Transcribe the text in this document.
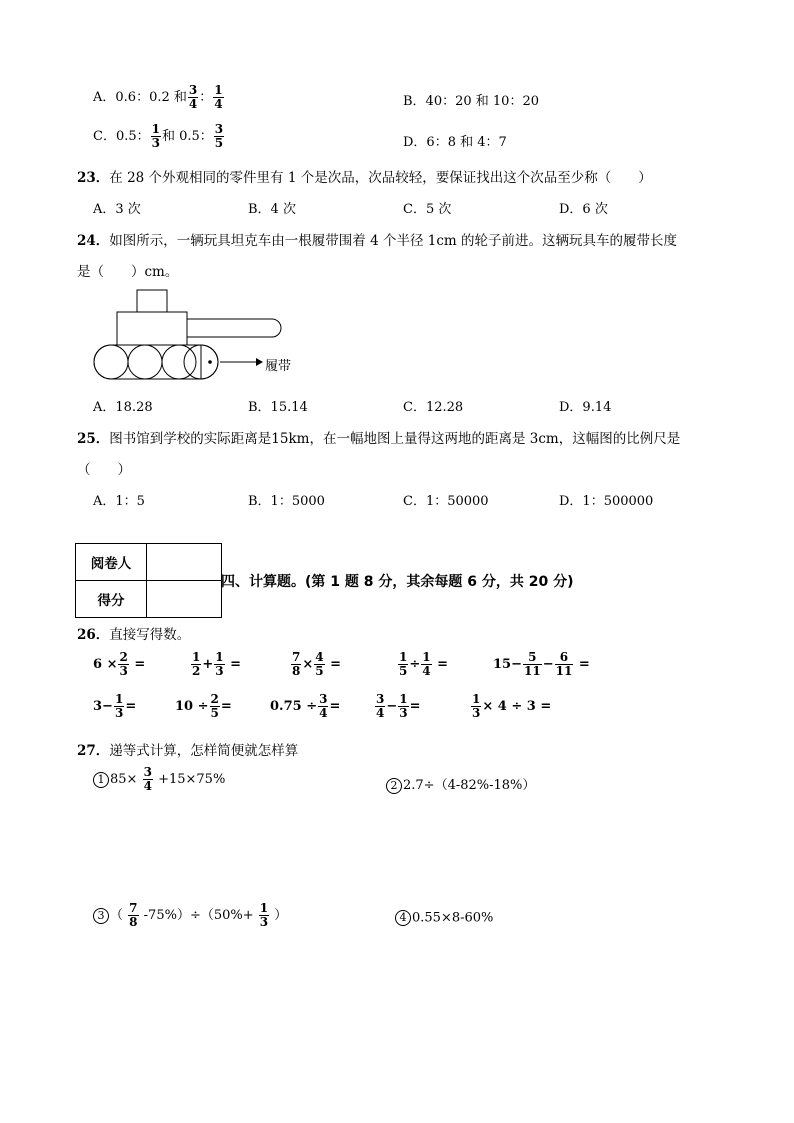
A．0.6：0.2 和 $\frac{3}{4}$ ： $\frac{1}{4}$	B．40：20 和 10：20
C．0.5： $\frac{1}{3}$ 和 0.5： $\frac{3}{5}$	D．6：8 和 4：7
23．在 28 个外观相同的零件里有 1 个是次品，次品较轻，要保证找出这个次品至少称（　　）
A．3 次	B．4 次	C．5 次	D．6 次
24．如图所示，一辆玩具坦克车由一根履带围着 4 个半径 1cm 的轮子前进。这辆玩具车的履带长度
是（　　）cm。
履带
A．18.28	B．15.14	C．12.28	D．9.14
25．图书馆到学校的实际距离是15km，在一幅地图上量得这两地的距离是 3cm，这幅图的比例尺是
（　　）
A．1：5	B．1：5000	C．1：50000	D．1：500000
阅卷人	
得分	
四、计算题。(第 1 题 8 分，其余每题 6 分，共 20 分)
26．直接写得数。
$6 \times \frac{2}{3}$ =	$\frac{1}{2} + \frac{1}{3}$ =	$\frac{7}{8} \times \frac{4}{5}$ =	$\frac{1}{5} \div \frac{1}{4}$ =	$15- \frac{5}{11} - \frac{6}{11}$ =
$3- \frac{1}{3}$ =	$10 \div \frac{2}{5}$ =	$0.75 \div \frac{3}{4}$ =	$\frac{3}{4} - \frac{1}{3}$ =	$\frac{1}{3} \times 4 \div 3$ =
27．递等式计算，怎样简便就怎样算
1 $85\times \frac{3}{4} +15\times 75\%$	2 2.7÷（4-82%-18%）
3 （ $\frac{7}{8} -75\%)\div(50\%+ \frac{1}{3}$ ）	4 0.55×8-60%
